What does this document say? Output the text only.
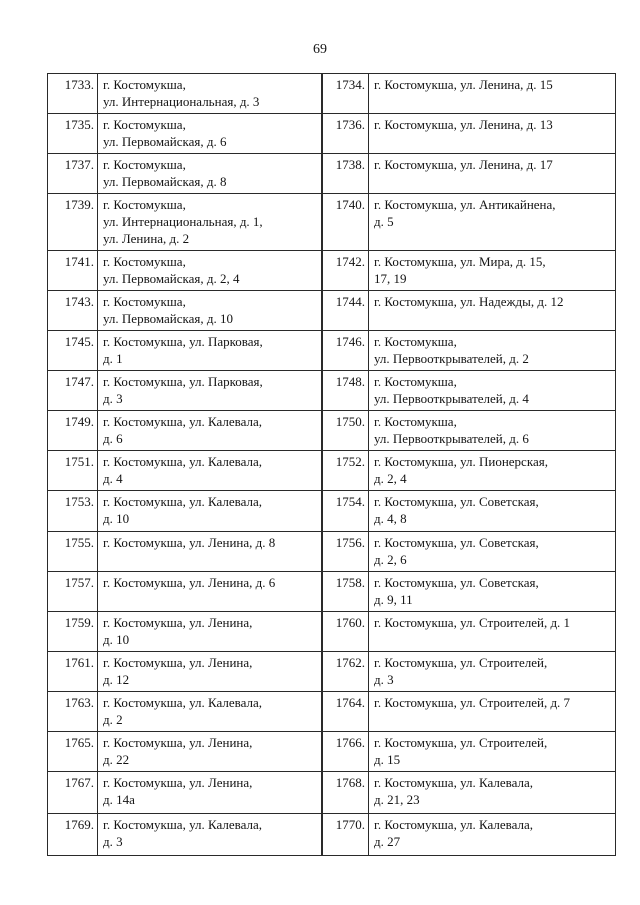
69
1733.	г. Костомукша,
ул. Интернациональная, д. 3		1734.	г. Костомукша, ул. Ленина, д. 15

1735.	г. Костомукша,
ул. Первомайская, д. 6		1736.	г. Костомукша, ул. Ленина, д. 13

1737.	г. Костомукша,
ул. Первомайская, д. 8		1738.	г. Костомукша, ул. Ленина, д. 17

1739.	г. Костомукша,
ул. Интернациональная, д. 1,
ул. Ленина, д. 2		1740.	г. Костомукша, ул. Антикайнена,
д. 5

1741.	г. Костомукша,
ул. Первомайская, д. 2, 4		1742.	г. Костомукша, ул. Мира, д. 15,
17, 19

1743.	г. Костомукша,
ул. Первомайская, д. 10		1744.	г. Костомукша, ул. Надежды, д. 12

1745.	г. Костомукша, ул. Парковая,
д. 1		1746.	г. Костомукша,
ул. Первооткрывателей, д. 2

1747.	г. Костомукша, ул. Парковая,
д. 3		1748.	г. Костомукша,
ул. Первооткрывателей, д. 4

1749.	г. Костомукша, ул. Калевала,
д. 6		1750.	г. Костомукша,
ул. Первооткрывателей, д. 6

1751.	г. Костомукша, ул. Калевала,
д. 4		1752.	г. Костомукша, ул. Пионерская,
д. 2, 4

1753.	г. Костомукша, ул. Калевала,
д. 10		1754.	г. Костомукша, ул. Советская,
д. 4, 8

1755.	г. Костомукша, ул. Ленина, д. 8		1756.	г. Костомукша, ул. Советская,
д. 2, 6

1757.	г. Костомукша, ул. Ленина, д. 6		1758.	г. Костомукша, ул. Советская,
д. 9, 11

1759.	г. Костомукша, ул. Ленина,
д. 10		1760.	г. Костомукша, ул. Строителей, д. 1

1761.	г. Костомукша, ул. Ленина,
д. 12		1762.	г. Костомукша, ул. Строителей,
д. 3

1763.	г. Костомукша, ул. Калевала,
д. 2		1764.	г. Костомукша, ул. Строителей, д. 7

1765.	г. Костомукша, ул. Ленина,
д. 22		1766.	г. Костомукша, ул. Строителей,
д. 15

1767.	г. Костомукша, ул. Ленина,
д. 14а		1768.	г. Костомукша, ул. Калевала,
д. 21, 23

1769.	г. Костомукша, ул. Калевала,
д. 3		1770.	г. Костомукша, ул. Калевала,
д. 27
